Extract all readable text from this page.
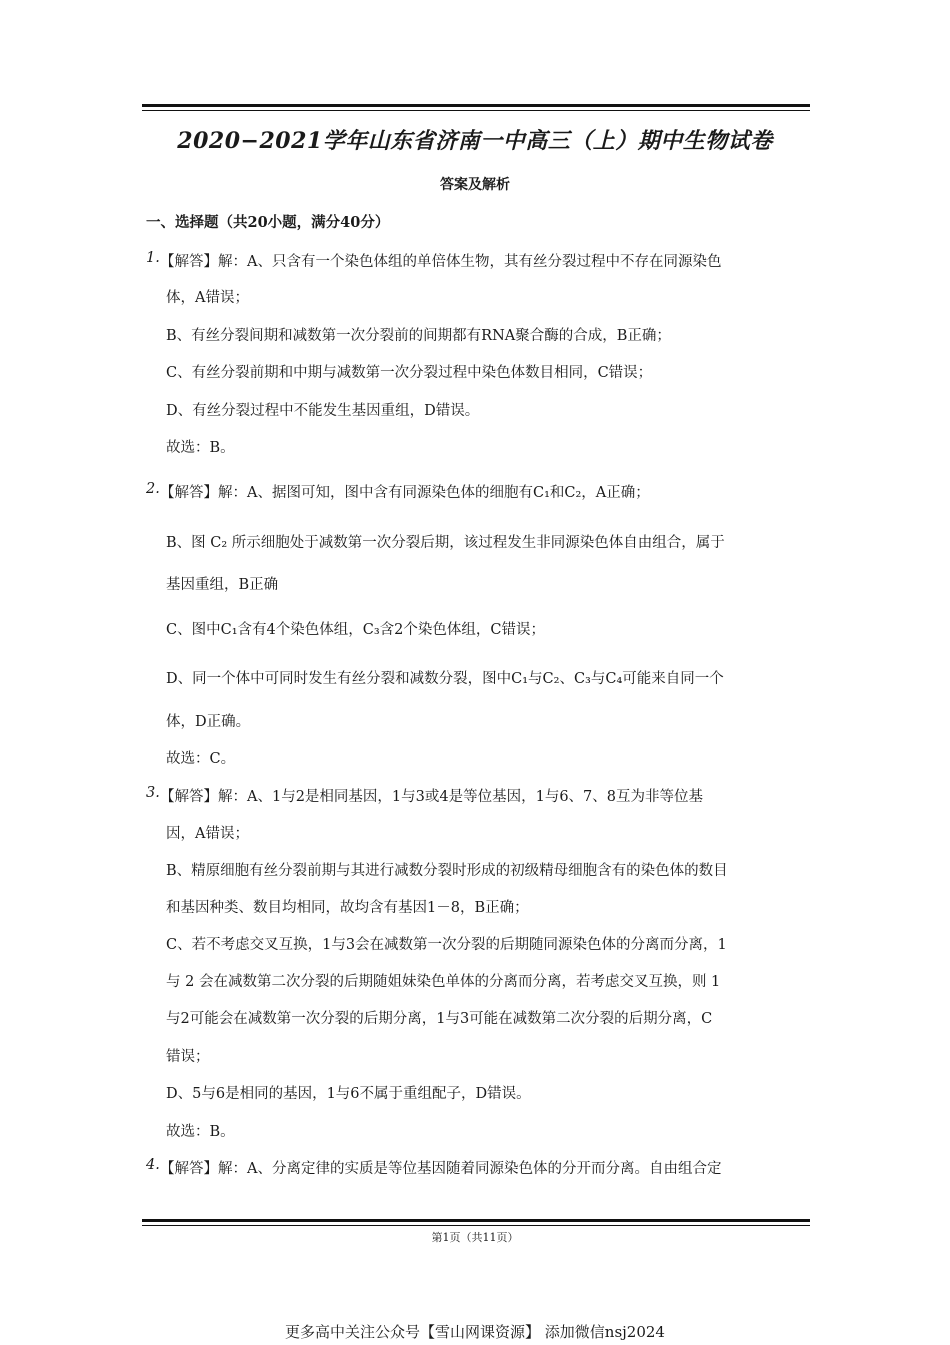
2020−2021学年山东省济南一中高三（上）期中生物试卷
答案及解析
一、选择题（共20小题，满分40分）
1. 【解答】解：A、只含有一个染色体组的单倍体生物，其有丝分裂过程中不存在同源染色
体，A错误；
B、有丝分裂间期和减数第一次分裂前的间期都有RNA聚合酶的合成，B正确；
C、有丝分裂前期和中期与减数第一次分裂过程中染色体数目相同，C错误；
D、有丝分裂过程中不能发生基因重组，D错误。
故选：B。
2. 【解答】解：A、据图可知，图中含有同源染色体的细胞有C₁和C₂，A正确；
B、图 C₂ 所示细胞处于减数第一次分裂后期，该过程发生非同源染色体自由组合，属于
基因重组，B正确
C、图中C₁含有4个染色体组，C₃含2个染色体组，C错误；
D、同一个体中可同时发生有丝分裂和减数分裂，图中C₁与C₂、C₃与C₄可能来自同一个
体，D正确。
故选：C。
3. 【解答】解：A、1与2是相同基因，1与3或4是等位基因，1与6、7、8互为非等位基
因，A错误；
B、精原细胞有丝分裂前期与其进行减数分裂时形成的初级精母细胞含有的染色体的数目
和基因种类、数目均相同，故均含有基因1－8，B正确；
C、若不考虑交叉互换，1与3会在减数第一次分裂的后期随同源染色体的分离而分离，1
与 2 会在减数第二次分裂的后期随姐妹染色单体的分离而分离，若考虑交叉互换，则 1
与2可能会在减数第一次分裂的后期分离，1与3可能在减数第二次分裂的后期分离，C
错误；
D、5与6是相同的基因，1与6不属于重组配子，D错误。
故选：B。
4. 【解答】解：A、分离定律的实质是等位基因随着同源染色体的分开而分离。自由组合定
第1页（共11页）
更多高中关注公众号【雪山网课资源】 添加微信nsj2024
